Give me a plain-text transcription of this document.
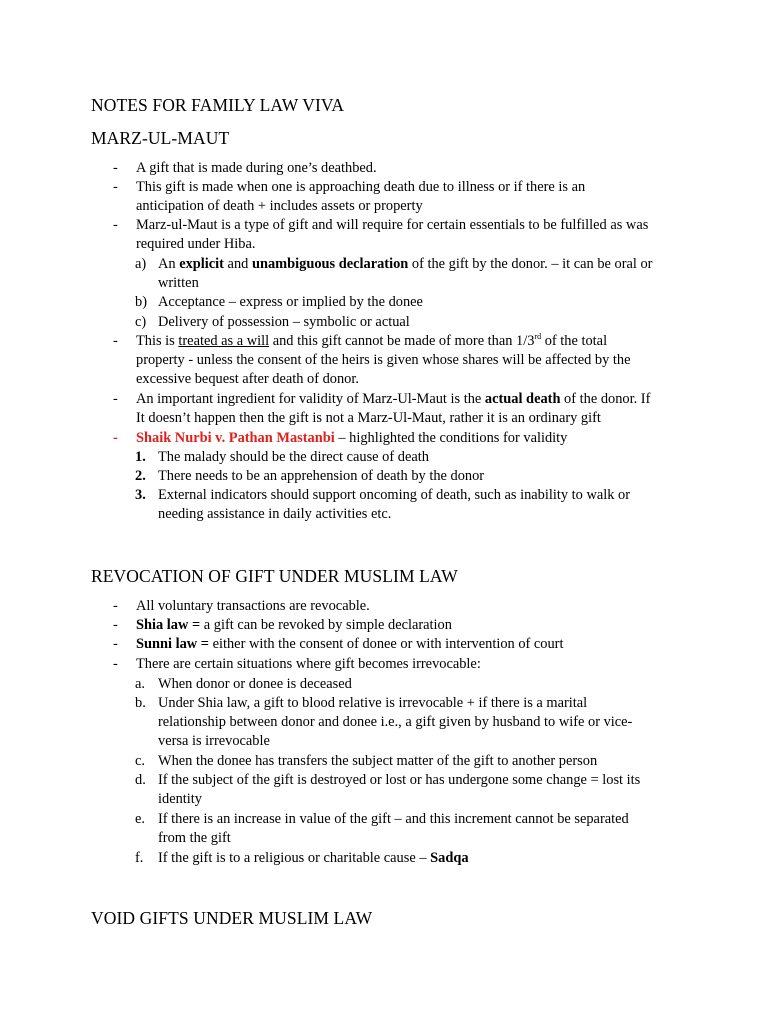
NOTES FOR FAMILY LAW VIVA
MARZ-UL-MAUT
- A gift that is made during one’s deathbed.
- This gift is made when one is approaching death due to illness or if there is an
anticipation of death + includes assets or property
- Marz-ul-Maut is a type of gift and will require for certain essentials to be fulfilled as was
required under Hiba.
a) An explicit and unambiguous declaration of the gift by the donor. – it can be oral or
written
b) Acceptance – express or implied by the donee
c) Delivery of possession – symbolic or actual
- This is treated as a will and this gift cannot be made of more than 1/3rd of the total
property - unless the consent of the heirs is given whose shares will be affected by the
excessive bequest after death of donor.
- An important ingredient for validity of Marz-Ul-Maut is the actual death of the donor. If
It doesn’t happen then the gift is not a Marz-Ul-Maut, rather it is an ordinary gift
- Shaik Nurbi v. Pathan Mastanbi – highlighted the conditions for validity
1. The malady should be the direct cause of death
2. There needs to be an apprehension of death by the donor
3. External indicators should support oncoming of death, such as inability to walk or
needing assistance in daily activities etc.
REVOCATION OF GIFT UNDER MUSLIM LAW
- All voluntary transactions are revocable.
- Shia law = a gift can be revoked by simple declaration
- Sunni law = either with the consent of donee or with intervention of court
- There are certain situations where gift becomes irrevocable:
a. When donor or donee is deceased
b. Under Shia law, a gift to blood relative is irrevocable + if there is a marital
relationship between donor and donee i.e., a gift given by husband to wife or vice-
versa is irrevocable
c. When the donee has transfers the subject matter of the gift to another person
d. If the subject of the gift is destroyed or lost or has undergone some change = lost its
identity
e. If there is an increase in value of the gift – and this increment cannot be separated
from the gift
f. If the gift is to a religious or charitable cause – Sadqa
VOID GIFTS UNDER MUSLIM LAW
